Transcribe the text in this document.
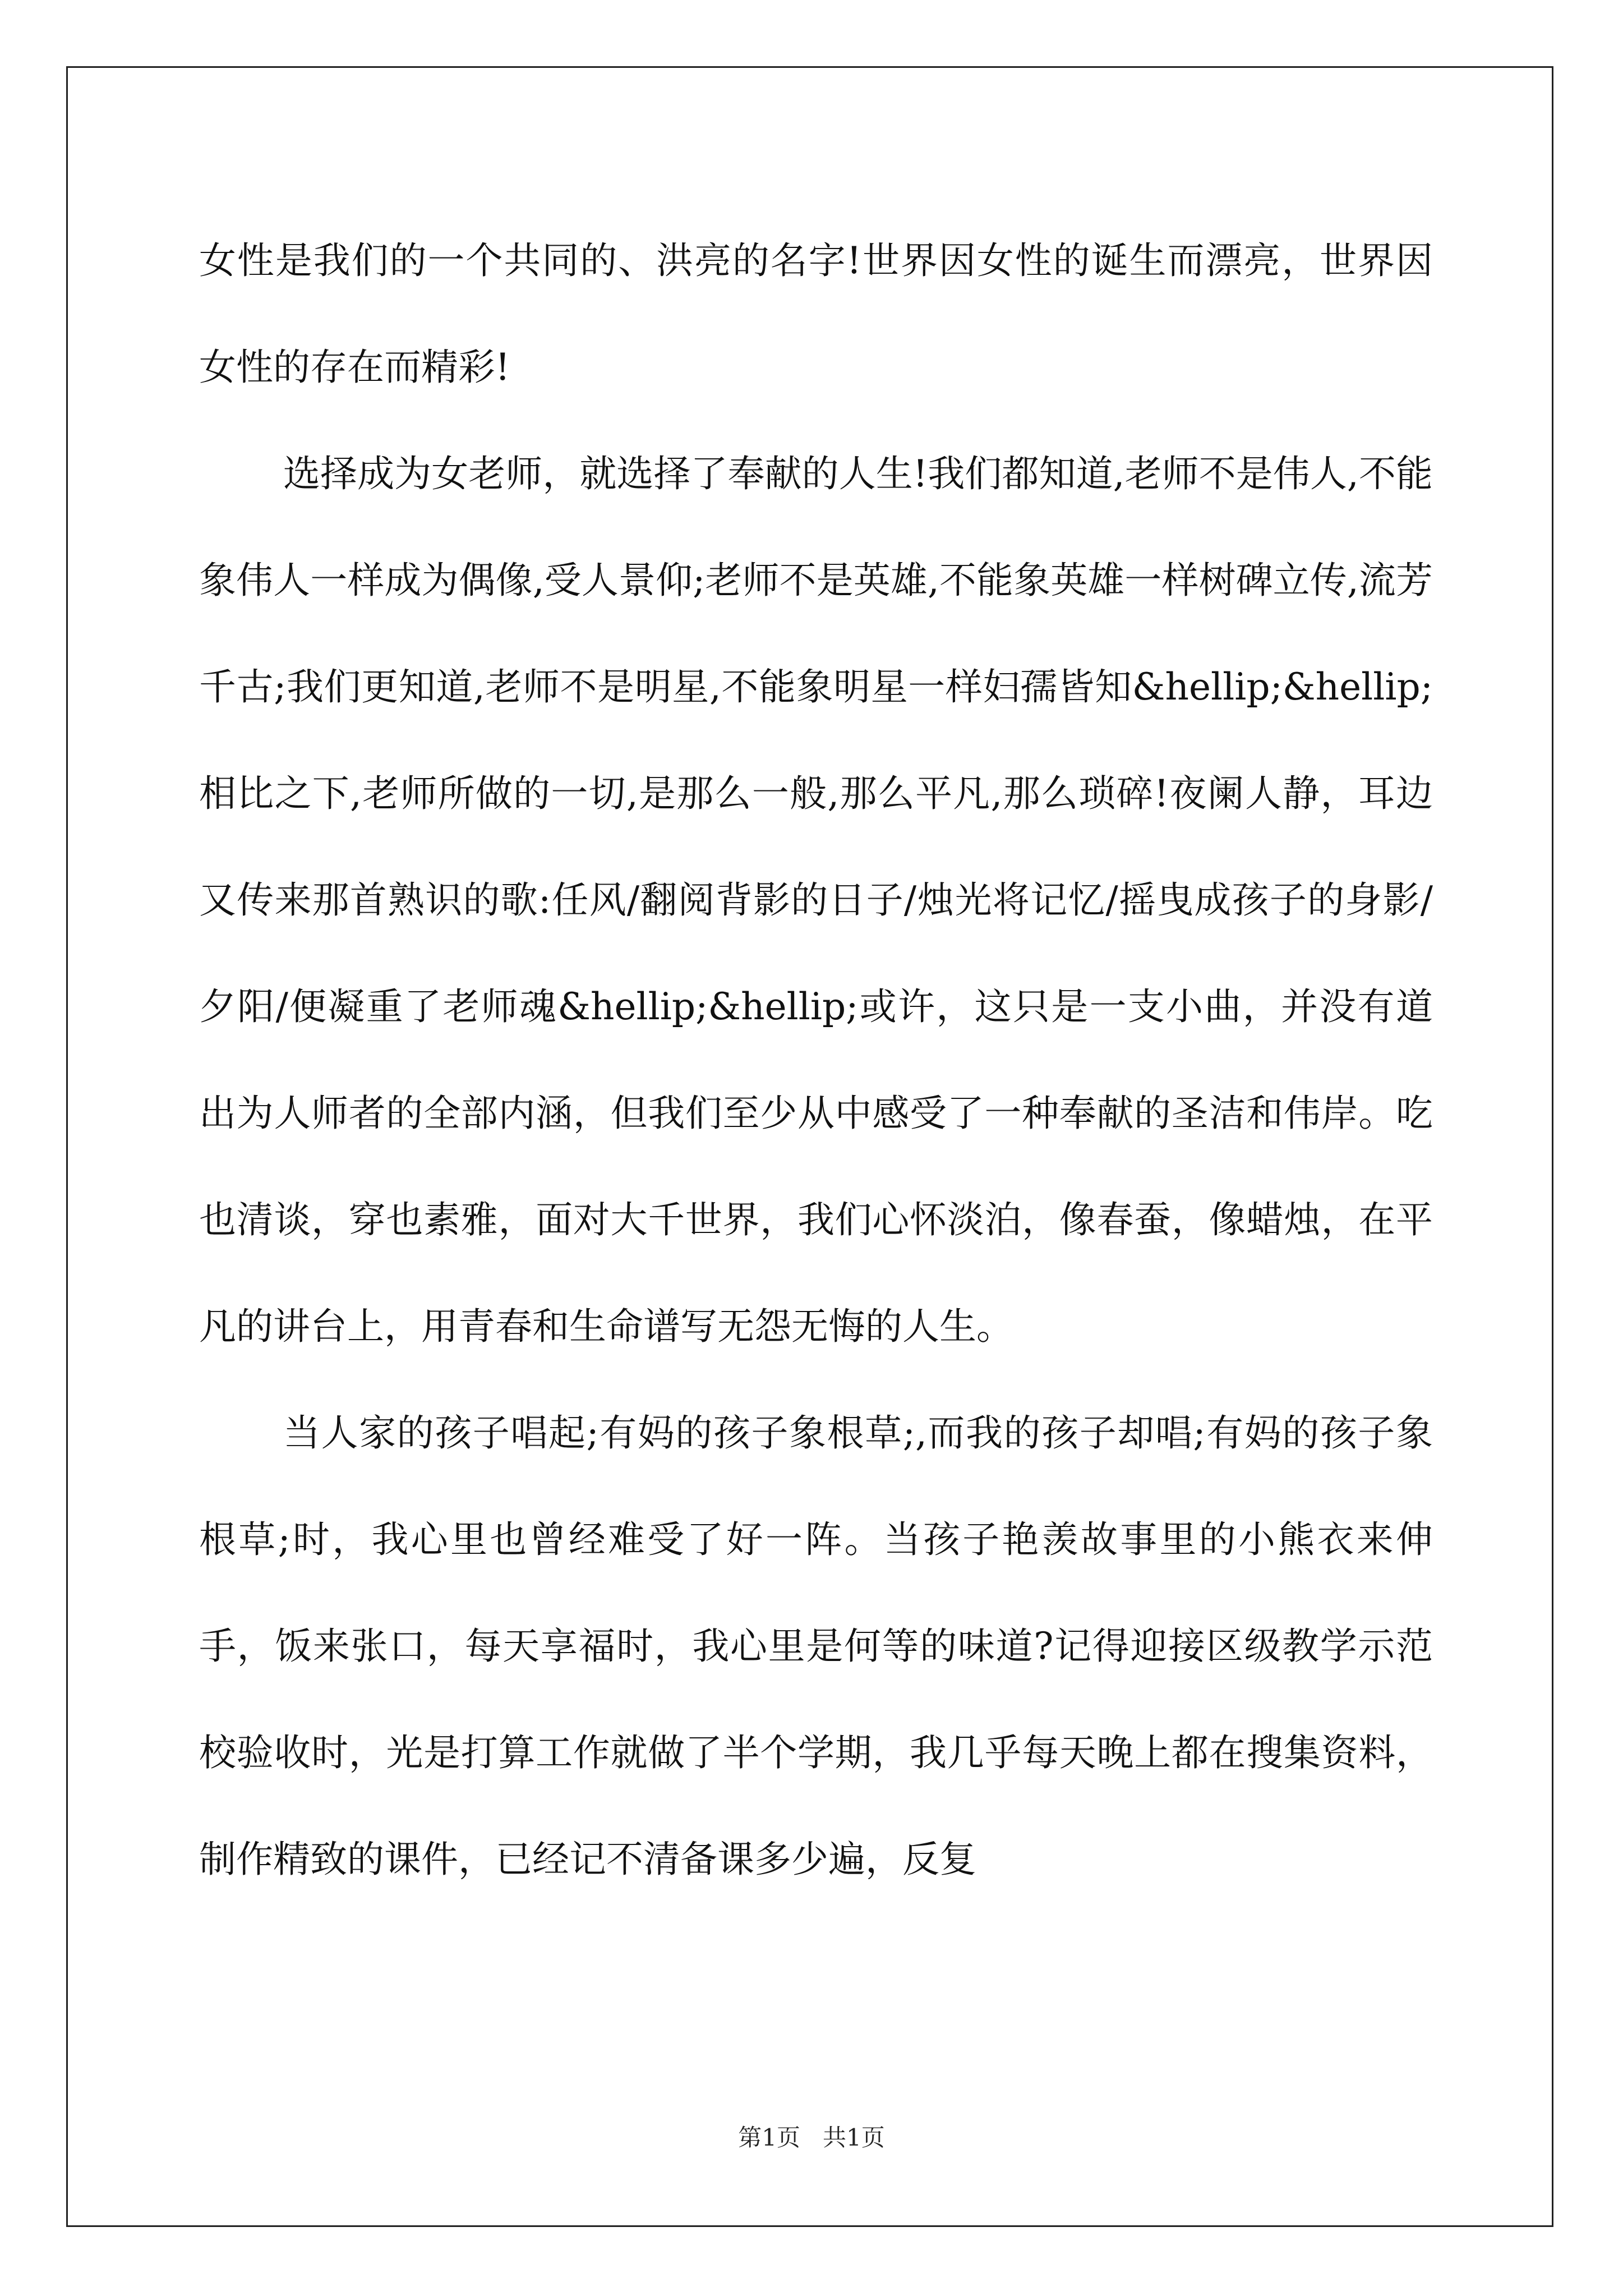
女性是我们的一个共同的、洪亮的名字!世界因女性的诞生而漂亮，世界因女性的存在而精彩!

选择成为女老师，就选择了奉献的人生!我们都知道,老师不是伟人,不能象伟人一样成为偶像,受人景仰;老师不是英雄,不能象英雄一样树碑立传,流芳千古;我们更知道,老师不是明星,不能象明星一样妇孺皆知&hellip;&hellip;相比之下,老师所做的一切,是那么一般,那么平凡,那么琐碎!夜阑人静，耳边又传来那首熟识的歌:任风/翻阅背影的日子/烛光将记忆/摇曳成孩子的身影/夕阳/便凝重了老师魂&hellip;&hellip;或许，这只是一支小曲，并没有道出为人师者的全部内涵，但我们至少从中感受了一种奉献的圣洁和伟岸。吃也清谈，穿也素雅，面对大千世界，我们心怀淡泊，像春蚕，像蜡烛，在平凡的讲台上，用青春和生命谱写无怨无悔的人生。

当人家的孩子唱起;有妈的孩子象根草;,而我的孩子却唱;有妈的孩子象根草;时，我心里也曾经难受了好一阵。当孩子艳羡故事里的小熊衣来伸手，饭来张口，每天享福时，我心里是何等的味道?记得迎接区级教学示范校验收时，光是打算工作就做了半个学期，我几乎每天晚上都在搜集资料，制作精致的课件，已经记不清备课多少遍，反复

第1页 共1页
